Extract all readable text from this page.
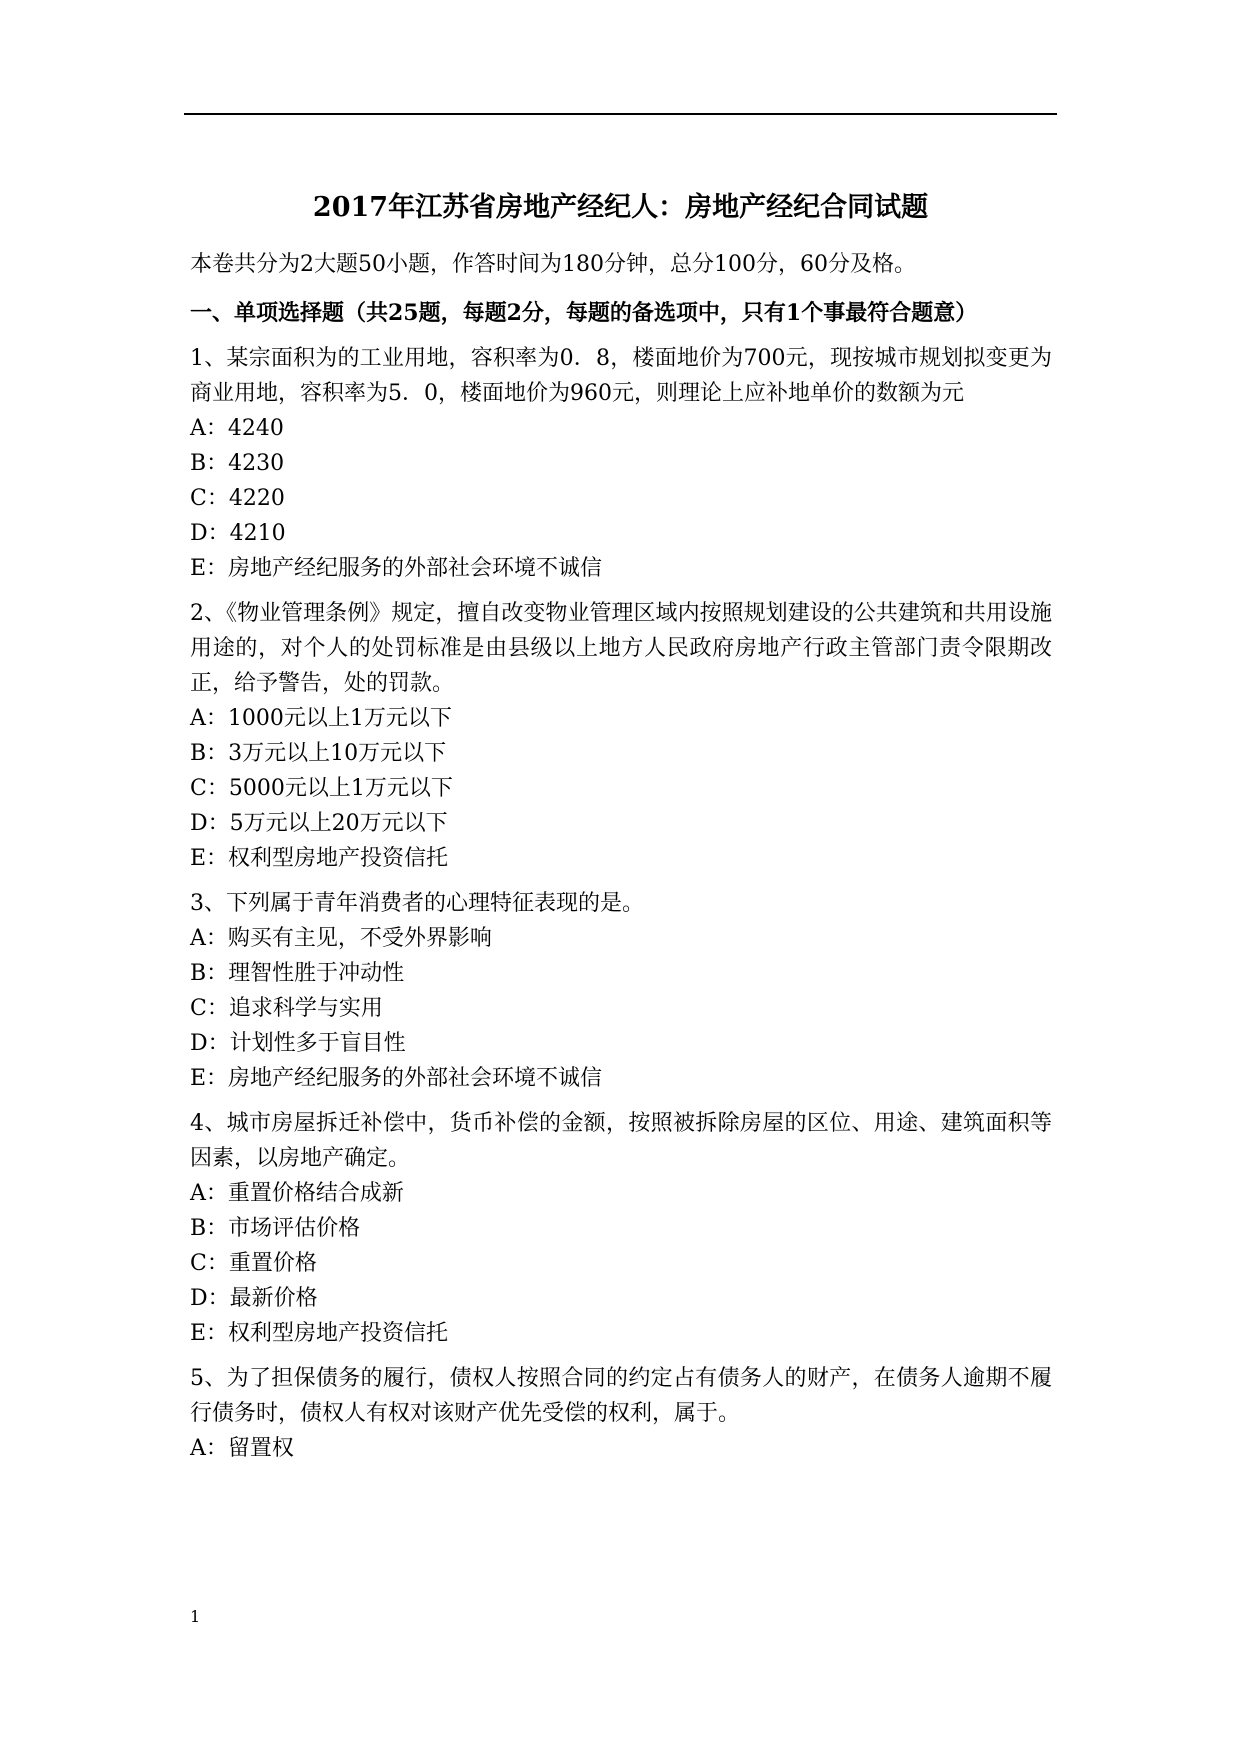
2017年江苏省房地产经纪人：房地产经纪合同试题
本卷共分为2大题50小题，作答时间为180分钟，总分100分，60分及格。
一、单项选择题（共25题，每题2分，每题的备选项中，只有1个事最符合题意）
1、某宗面积为的工业用地，容积率为0．8，楼面地价为700元，现按城市规划拟变更为商业用地，容积率为5．0，楼面地价为960元，则理论上应补地单价的数额为元
A：4240
B：4230
C：4220
D：4210
E：房地产经纪服务的外部社会环境不诚信
2、《物业管理条例》规定，擅自改变物业管理区域内按照规划建设的公共建筑和共用设施用途的，对个人的处罚标准是由县级以上地方人民政府房地产行政主管部门责令限期改正，给予警告，处的罚款。
A：1000元以上1万元以下
B：3万元以上10万元以下
C：5000元以上1万元以下
D：5万元以上20万元以下
E：权利型房地产投资信托
3、下列属于青年消费者的心理特征表现的是。
A：购买有主见，不受外界影响
B：理智性胜于冲动性
C：追求科学与实用
D：计划性多于盲目性
E：房地产经纪服务的外部社会环境不诚信
4、城市房屋拆迁补偿中，货币补偿的金额，按照被拆除房屋的区位、用途、建筑面积等因素，以房地产确定。
A：重置价格结合成新
B：市场评估价格
C：重置价格
D：最新价格
E：权利型房地产投资信托
5、为了担保债务的履行，债权人按照合同的约定占有债务人的财产，在债务人逾期不履行债务时，债权人有权对该财产优先受偿的权利，属于。
A：留置权
1
